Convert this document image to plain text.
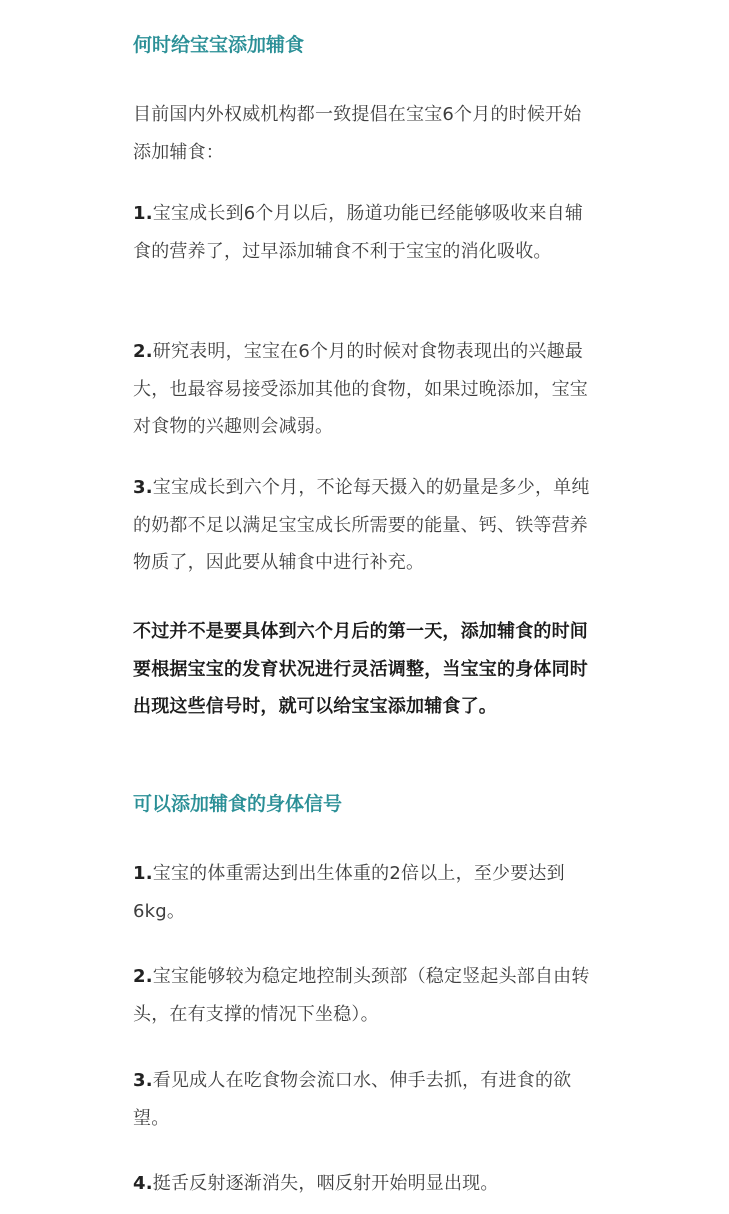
何时给宝宝添加辅食

目前国内外权威机构都一致提倡在宝宝6个月的时候开始添加辅食：

1.宝宝成长到6个月以后，肠道功能已经能够吸收来自辅食的营养了，过早添加辅食不利于宝宝的消化吸收。

2.研究表明，宝宝在6个月的时候对食物表现出的兴趣最大，也最容易接受添加其他的食物，如果过晚添加，宝宝对食物的兴趣则会减弱。

3.宝宝成长到六个月，不论每天摄入的奶量是多少，单纯的奶都不足以满足宝宝成长所需要的能量、钙、铁等营养物质了，因此要从辅食中进行补充。

不过并不是要具体到六个月后的第一天，添加辅食的时间要根据宝宝的发育状况进行灵活调整，当宝宝的身体同时出现这些信号时，就可以给宝宝添加辅食了。

可以添加辅食的身体信号

1.宝宝的体重需达到出生体重的2倍以上，至少要达到6kg。

2.宝宝能够较为稳定地控制头颈部（稳定竖起头部自由转头，在有支撑的情况下坐稳）。

3.看见成人在吃食物会流口水、伸手去抓，有进食的欲望。

4.挺舌反射逐渐消失，咽反射开始明显出现。
